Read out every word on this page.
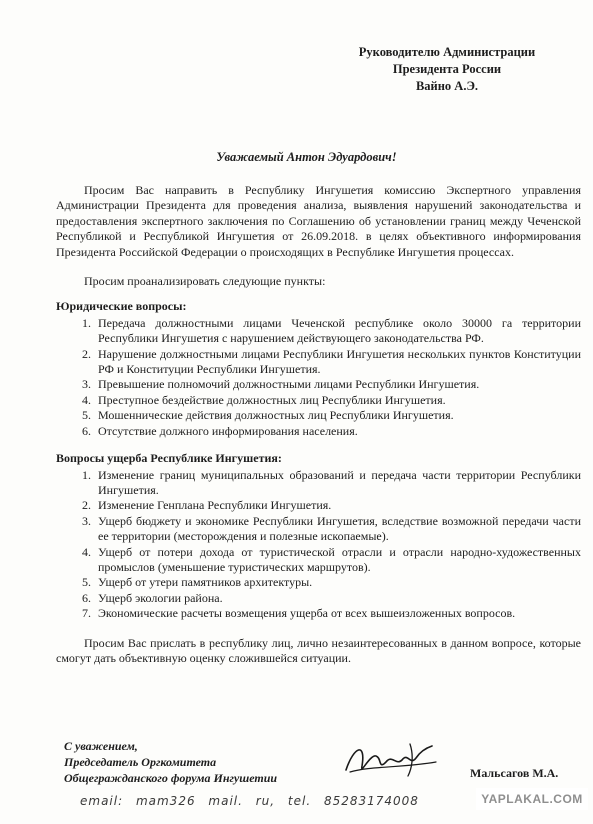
Руководителю Администрации
Президента России
Вайно А.Э.
Уважаемый Антон Эдуардович!

Просим Вас направить в Республику Ингушетия комиссию Экспертного управления Администрации Президента для проведения анализа, выявления нарушений законодательства и предоставления экспертного заключения по Соглашению об установлении границ между Чеченской Республикой и Республикой Ингушетия от 26.09.2018. в целях объективного информирования Президента Российской Федерации о происходящих в Республике Ингушетия процессах.

Просим проанализировать следующие пункты:

Юридические вопросы:
1. Передача должностными лицами Чеченской республике около 30000 га территории Республики Ингушетия с нарушением действующего законодательства РФ.
2. Нарушение должностными лицами Республики Ингушетия нескольких пунктов Конституции РФ и Конституции Республики Ингушетия.
3. Превышение полномочий должностными лицами Республики Ингушетия.
4. Преступное бездействие должностных лиц Республики Ингушетия.
5. Мошеннические действия должностных лиц Республики Ингушетия.
6. Отсутствие должного информирования населения.
Вопросы ущерба Республике Ингушетия:
1. Изменение границ муниципальных образований и передача части территории Республики Ингушетия.
2. Изменение Генплана Республики Ингушетия.
3. Ущерб бюджету и экономике Республики Ингушетия, вследствие возможной передачи части ее территории (месторождения и полезные ископаемые).
4. Ущерб от потери дохода от туристической отрасли и отрасли народно-художественных промыслов (уменьшение туристических маршрутов).
5. Ущерб от утери памятников архитектуры.
6. Ущерб экологии района.
7. Экономические расчеты возмещения ущерба от всех вышеизложенных вопросов.

Просим Вас прислать в республику лиц, лично незаинтересованных в данном вопросе, которые смогут дать объективную оценку сложившейся ситуации.

С уважением,
Председатель Оргкомитета
Общегражданского форума Ингушетии	Мальсагов М.А.
email: mam326 mail. ru, tel. 85283174008	YAPLAKAL.COM
